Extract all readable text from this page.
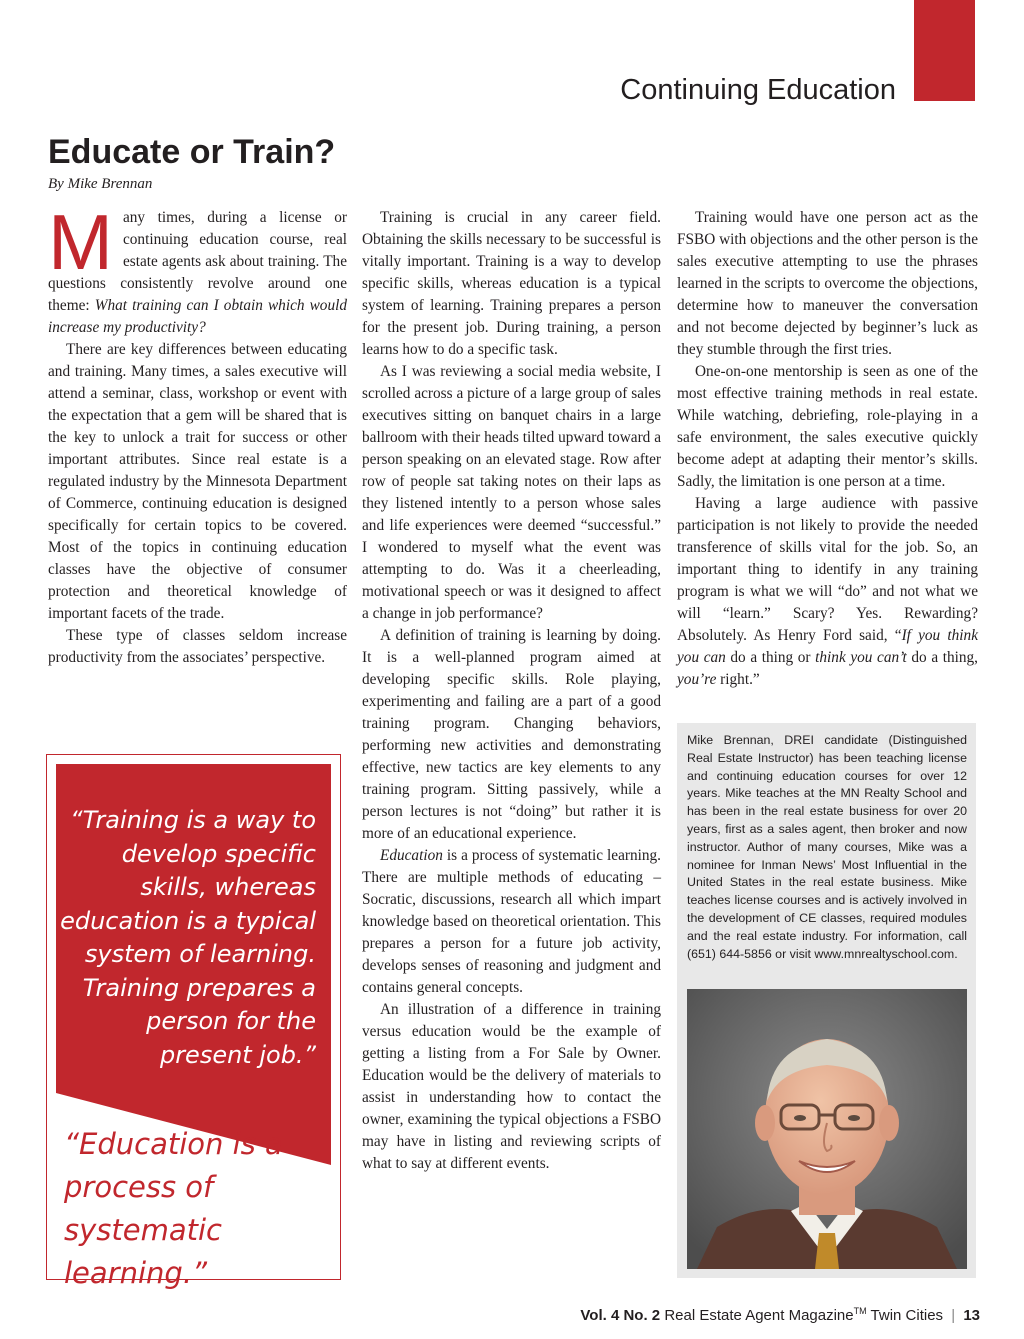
Continuing Education
Educate or Train?
By Mike Brennan

Many times, during a license or continuing education course, real estate agents ask about training. The questions consistently revolve around one theme: What training can I obtain which would increase my productivity?

There are key differences between educating and training. Many times, a sales executive will attend a seminar, class, workshop or event with the expectation that a gem will be shared that is the key to unlock a trait for success or other important attributes. Since real estate is a regulated industry by the Minnesota Department of Commerce, continuing education is designed specifically for certain topics to be covered. Most of the topics in continuing education classes have the objective of consumer protection and theoretical knowledge of important facets of the trade.

These type of classes seldom increase productivity from the associates’ perspective.

“Training is a way to develop specific skills, whereas education is a typical system of learning. Training prepares a person for the present job.”
“Education is a process of systematic learning.”

Training is crucial in any career field. Obtaining the skills necessary to be successful is vitally important. Training is a way to develop specific skills, whereas education is a typical system of learning. Training prepares a person for the present job. During training, a person learns how to do a specific task.

As I was reviewing a social media website, I scrolled across a picture of a large group of sales executives sitting on banquet chairs in a large ballroom with their heads tilted upward toward a person speaking on an elevated stage. Row after row of people sat taking notes on their laps as they listened intently to a person whose sales and life experiences were deemed “successful.” I wondered to myself what the event was attempting to do. Was it a cheerleading, motivational speech or was it designed to affect a change in job performance?

A definition of training is learning by doing. It is a well-planned program aimed at developing specific skills. Role playing, experimenting and failing are a part of a good training program. Changing behaviors, performing new activities and demonstrating effective, new tactics are key elements to any training program. Sitting passively, while a person lectures is not “doing” but rather it is more of an educational experience.

Education is a process of systematic learning. There are multiple methods of educating – Socratic, discussions, research all which impart knowledge based on theoretical orientation. This prepares a person for a future job activity, develops senses of reasoning and judgment and contains general concepts.

An illustration of a difference in training versus education would be the example of getting a listing from a For Sale by Owner. Education would be the delivery of materials to assist in understanding how to contact the owner, examining the typical objections a FSBO may have in listing and reviewing scripts of what to say at different events.

Training would have one person act as the FSBO with objections and the other person is the sales executive attempting to use the phrases learned in the scripts to overcome the objections, determine how to maneuver the conversation and not become dejected by beginner’s luck as they stumble through the first tries.

One-on-one mentorship is seen as one of the most effective training methods in real estate. While watching, debriefing, role-playing in a safe environment, the sales executive quickly become adept at adapting their mentor’s skills. Sadly, the limitation is one person at a time.

Having a large audience with passive participation is not likely to provide the needed transference of skills vital for the job. So, an important thing to identify in any training program is what we will “do” and not what we will “learn.” Scary? Yes. Rewarding? Absolutely. As Henry Ford said, “If you think you can do a thing or think you can’t do a thing, you’re right.”

Mike Brennan, DREI candidate (Distinguished Real Estate Instructor) has been teaching license and continuing education courses for over 12 years. Mike teaches at the MN Realty School and has been in the real estate business for over 20 years, first as a sales agent, then broker and now instructor. Author of many courses, Mike was a nominee for Inman News’ Most Influential in the United States in the real estate business. Mike teaches license courses and is actively involved in the development of CE classes, required modules and the real estate industry. For information, call (651) 644-5856 or visit www.mnrealtyschool.com.
Vol. 4 No. 2 Real Estate Agent Magazine™ Twin Cities | 13
